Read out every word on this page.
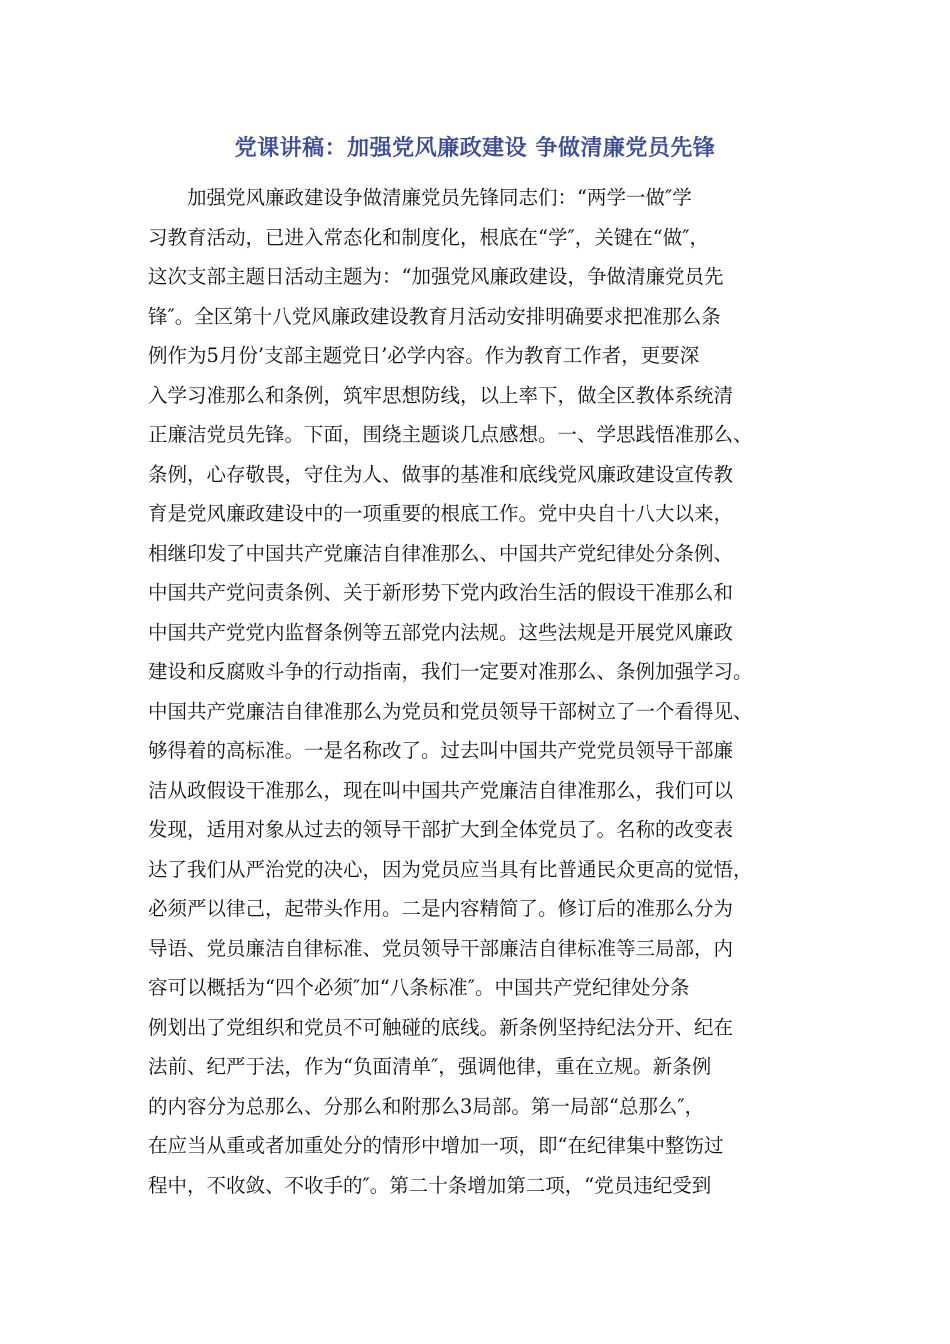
党课讲稿：加强党风廉政建设 争做清廉党员先锋
加强党风廉政建设争做清廉党员先锋同志们：“两学一做″学
习教育活动，已进入常态化和制度化，根底在“学″，关键在“做″，
这次支部主题日活动主题为：“加强党风廉政建设，争做清廉党员先
锋″。全区第十八党风廉政建设教育月活动安排明确要求把准那么条
例作为5月份’支部主题党日’必学内容。作为教育工作者，更要深
入学习准那么和条例，筑牢思想防线，以上率下，做全区教体系统清
正廉洁党员先锋。下面，围绕主题谈几点感想。一、学思践悟准那么、
条例，心存敬畏，守住为人、做事的基准和底线党风廉政建设宣传教
育是党风廉政建设中的一项重要的根底工作。党中央自十八大以来，
相继印发了中国共产党廉洁自律准那么、中国共产党纪律处分条例、
中国共产党问责条例、关于新形势下党内政治生活的假设干准那么和
中国共产党党内监督条例等五部党内法规。这些法规是开展党风廉政
建设和反腐败斗争的行动指南，我们一定要对准那么、条例加强学习。
中国共产党廉洁自律准那么为党员和党员领导干部树立了一个看得见、
够得着的高标准。一是名称改了。过去叫中国共产党党员领导干部廉
洁从政假设干准那么，现在叫中国共产党廉洁自律准那么，我们可以
发现，适用对象从过去的领导干部扩大到全体党员了。名称的改变表
达了我们从严治党的决心，因为党员应当具有比普通民众更高的觉悟，
必须严以律己，起带头作用。二是内容精简了。修订后的准那么分为
导语、党员廉洁自律标准、党员领导干部廉洁自律标准等三局部，内
容可以概括为“四个必须″加“八条标准″。中国共产党纪律处分条
例划出了党组织和党员不可触碰的底线。新条例坚持纪法分开、纪在
法前、纪严于法，作为“负面清单″，强调他律，重在立规。新条例
的内容分为总那么、分那么和附那么3局部。第一局部“总那么″，
在应当从重或者加重处分的情形中增加一项，即“在纪律集中整饬过
程中，不收敛、不收手的″。第二十条增加第二项，“党员违纪受到
